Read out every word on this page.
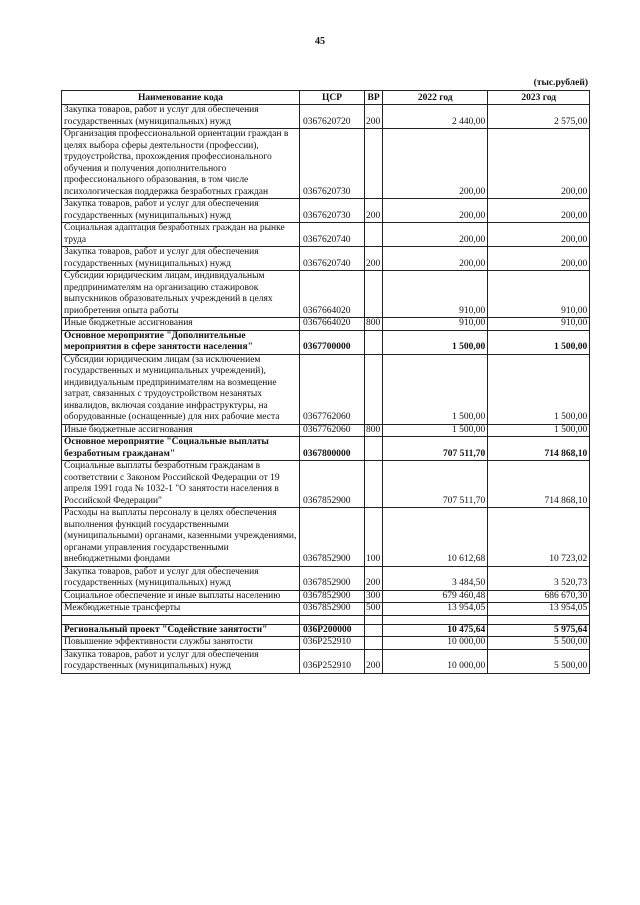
45
(тыс.рублей)
Наименование кода	ЦСР	ВР	2022 год	2023 год
Закупка товаров, работ и услуг для обеспечения государственных (муниципальных) нужд	0367620720	200	2 440,00	2 575,00
Организация профессиональной ориентации граждан в целях выбора сферы деятельности (профессии), трудоустройства, прохождения профессионального обучения и получения дополнительного профессионального образования, в том числе психологическая поддержка безработных граждан	0367620730		200,00	200,00
Закупка товаров, работ и услуг для обеспечения государственных (муниципальных) нужд	0367620730	200	200,00	200,00
Социальная адаптация безработных граждан на рынке труда	0367620740		200,00	200,00
Закупка товаров, работ и услуг для обеспечения государственных (муниципальных) нужд	0367620740	200	200,00	200,00
Субсидии юридическим лицам, индивидуальным предпринимателям на организацию стажировок выпускников образовательных учреждений в целях приобретения опыта работы	0367664020		910,00	910,00
Иные бюджетные ассигнования	0367664020	800	910,00	910,00
Основное мероприятие "Дополнительные мероприятия в сфере занятости населения"	0367700000		1 500,00	1 500,00
Субсидии юридическим лицам (за исключением государственных и муниципальных учреждений), индивидуальным предпринимателям на возмещение затрат, связанных с трудоустройством незанятых инвалидов, включая создание инфраструктуры, на оборудованные (оснащенные) для них рабочие места	0367762060		1 500,00	1 500,00
Иные бюджетные ассигнования	0367762060	800	1 500,00	1 500,00
Основное мероприятие "Социальные выплаты безработным гражданам"	0367800000		707 511,70	714 868,10
Социальные выплаты безработным гражданам в соответствии с Законом Российской Федерации от 19 апреля 1991 года № 1032-1 "О занятости населения в Российской Федерации"	0367852900		707 511,70	714 868,10
Расходы на выплаты персоналу в целях обеспечения выполнения функций государственными (муниципальными) органами, казенными учреждениями, органами управления государственными внебюджетными фондами	0367852900	100	10 612,68	10 723,02
Закупка товаров, работ и услуг для обеспечения государственных (муниципальных) нужд	0367852900	200	3 484,50	3 520,73
Социальное обеспечение и иные выплаты населению	0367852900	300	679 460,48	686 670,30
Межбюджетные трансферты	0367852900	500	13 954,05	13 954,05

Региональный проект "Содействие занятости"	036P200000		10 475,64	5 975,64
Повышение эффективности службы занятости	036P252910		10 000,00	5 500,00
Закупка товаров, работ и услуг для обеспечения государственных (муниципальных) нужд	036P252910	200	10 000,00	5 500,00
